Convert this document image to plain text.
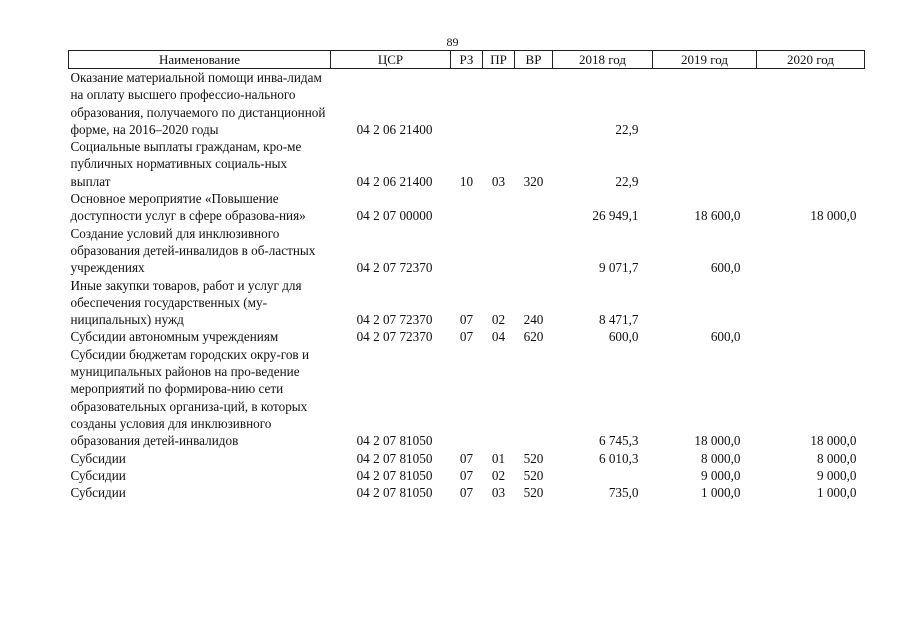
89
Наименование	ЦСР	РЗ	ПР	ВР	2018 год	2019 год	2020 год
Оказание материальной помощи инва-лидам на оплату высшего профессио-нального образования, получаемого по дистанционной форме, на 2016–2020 годы	04 2 06 21400				22,9		
Социальные выплаты гражданам, кро-ме публичных нормативных социаль-ных выплат	04 2 06 21400	10	03	320	22,9		
Основное мероприятие «Повышение доступности услуг в сфере образова-ния»	04 2 07 00000				26 949,1	18 600,0	18 000,0
Создание условий для инклюзивного образования детей-инвалидов в об-ластных учреждениях	04 2 07 72370				9 071,7	600,0	
Иные закупки товаров, работ и услуг для обеспечения государственных (му-ниципальных) нужд	04 2 07 72370	07	02	240	8 471,7		
Субсидии автономным учреждениям	04 2 07 72370	07	04	620	600,0	600,0	
Субсидии бюджетам городских окру-гов и муниципальных районов на про-ведение мероприятий по формирова-нию сети образовательных организа-ций, в которых созданы условия для инклюзивного образования детей-инвалидов	04 2 07 81050				6 745,3	18 000,0	18 000,0
Субсидии	04 2 07 81050	07	01	520	6 010,3	8 000,0	8 000,0
Субсидии	04 2 07 81050	07	02	520		9 000,0	9 000,0
Субсидии	04 2 07 81050	07	03	520	735,0	1 000,0	1 000,0
